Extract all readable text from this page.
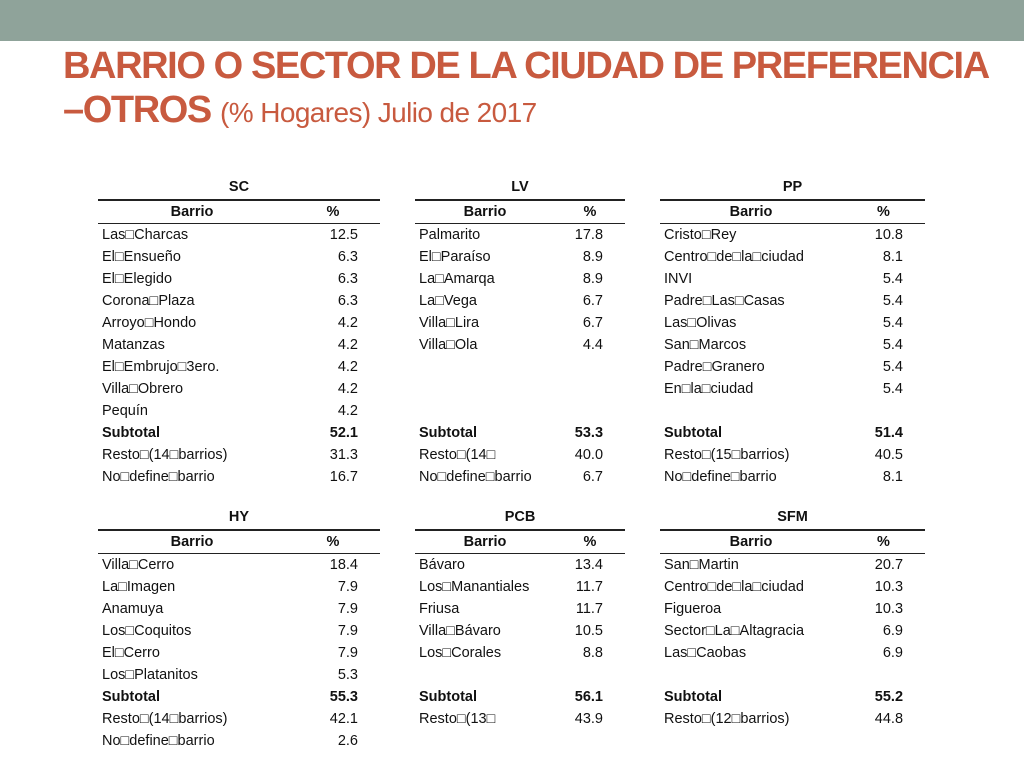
BARRIO O SECTOR DE LA CIUDAD DE PREFERENCIA –OTROS (% Hogares) Julio de 2017
SC	
Barrio	%
Las□Charcas	12.5
El□Ensueño	6.3
El□Elegido	6.3
Corona□Plaza	6.3
Arroyo□Hondo	4.2
Matanzas	4.2
El□Embrujo□3ero.	4.2
Villa□Obrero	4.2
Pequín	4.2
Subtotal	52.1
Resto□(14□barrios)	31.3
No□define□barrio	16.7
LV	
Barrio	%
Palmarito	17.8
El□Paraíso	8.9
La□Amarqa	8.9
La□Vega	6.7
Villa□Lira	6.7
Villa□Ola	4.4

Subtotal	53.3
Resto□(14□	40.0
No□define□barrio	6.7
PP	
Barrio	%
Cristo□Rey	10.8
Centro□de□la□ciudad	8.1
INVI	5.4
Padre□Las□Casas	5.4
Las□Olivas	5.4
San□Marcos	5.4
Padre□Granero	5.4
En□la□ciudad	5.4

Subtotal	51.4
Resto□(15□barrios)	40.5
No□define□barrio	8.1
HY	
Barrio	%
Villa□Cerro	18.4
La□Imagen	7.9
Anamuya	7.9
Los□Coquitos	7.9
El□Cerro	7.9
Los□Platanitos	5.3
Subtotal	55.3
Resto□(14□barrios)	42.1
No□define□barrio	2.6
PCB	
Barrio	%
Bávaro	13.4
Los□Manantiales	11.7
Friusa	11.7
Villa□Bávaro	10.5
Los□Corales	8.8

Subtotal	56.1
Resto□(13□	43.9
SFM	
Barrio	%
San□Martin	20.7
Centro□de□la□ciudad	10.3
Figueroa	10.3
Sector□La□Altagracia	6.9
Las□Caobas	6.9

Subtotal	55.2
Resto□(12□barrios)	44.8
